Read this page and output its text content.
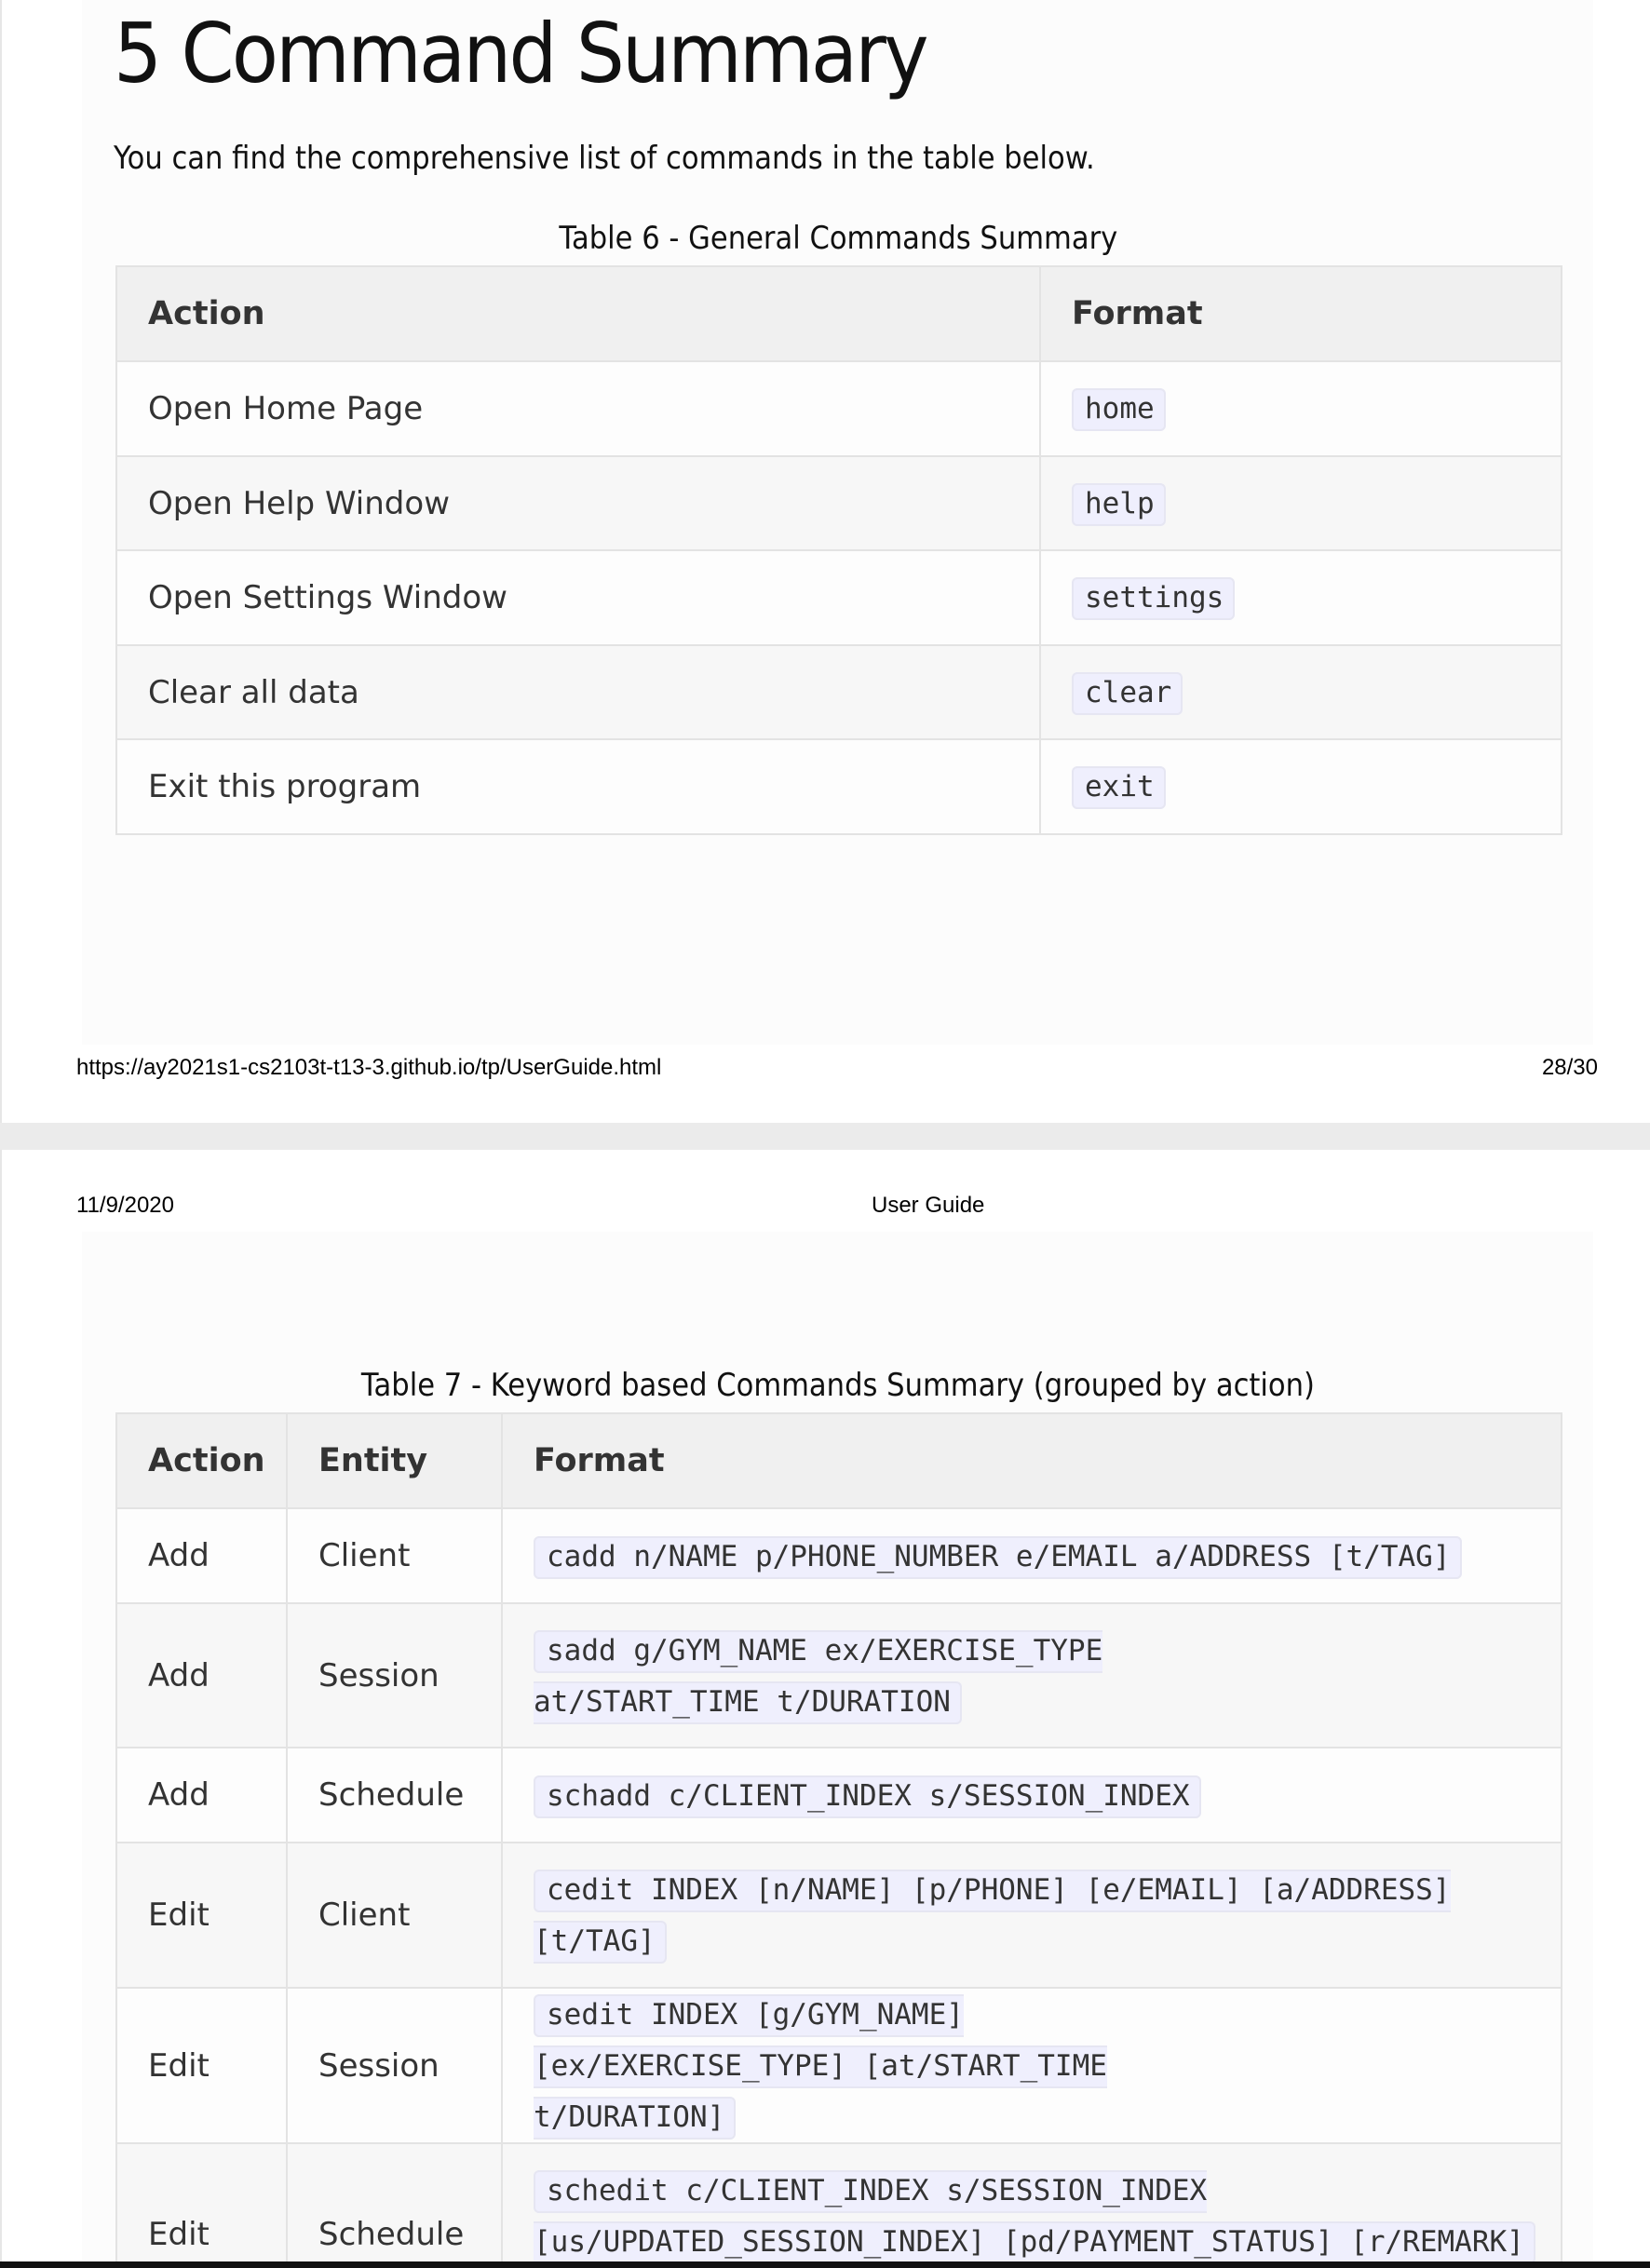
5 Command Summary

You can find the comprehensive list of commands in the table below.

Table 6 - General Commands Summary
Action	Format
Open Home Page	home
Open Help Window	help
Open Settings Window	settings
Clear all data	clear
Exit this program	exit
https://ay2021s1-cs2103t-t13-3.github.io/tp/UserGuide.html	28/30
11/9/2020	User Guide
Table 7 - Keyword based Commands Summary (grouped by action)
Action	Entity	Format
Add	Client	cadd n/NAME p/PHONE_NUMBER e/EMAIL a/ADDRESS [t/TAG]
Add	Session	sadd g/GYM_NAME ex/EXERCISE_TYPE at/START_TIME t/DURATION
Add	Schedule	schadd c/CLIENT_INDEX s/SESSION_INDEX
Edit	Client	cedit INDEX [n/NAME] [p/PHONE] [e/EMAIL] [a/ADDRESS] [t/TAG]
Edit	Session	sedit INDEX [g/GYM_NAME] [ex/EXERCISE_TYPE] [at/START_TIME t/DURATION]
Edit	Schedule	schedit c/CLIENT_INDEX s/SESSION_INDEX [us/UPDATED_SESSION_INDEX] [pd/PAYMENT_STATUS] [r/REMARK]
